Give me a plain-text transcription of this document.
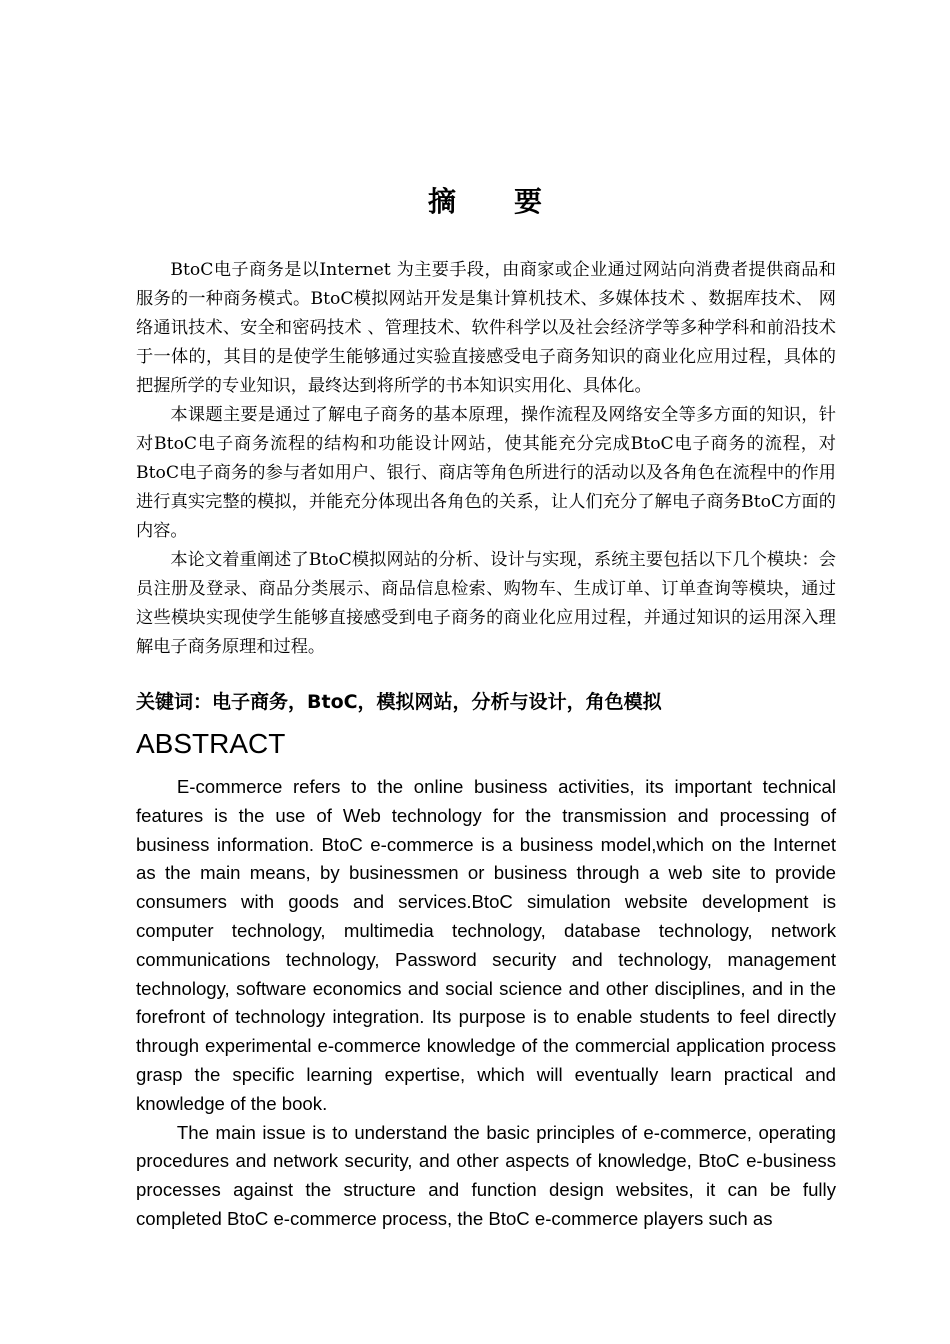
摘 要

BtoC电子商务是以Internet 为主要手段，由商家或企业通过网站向消费者提供商品和服务的一种商务模式。BtoC模拟网站开发是集计算机技术、多媒体技术 、数据库技术、 网络通讯技术、安全和密码技术 、管理技术、软件科学以及社会经济学等多种学科和前沿技术于一体的，其目的是使学生能够通过实验直接感受电子商务知识的商业化应用过程，具体的把握所学的专业知识，最终达到将所学的书本知识实用化、具体化。

本课题主要是通过了解电子商务的基本原理，操作流程及网络安全等多方面的知识，针对BtoC电子商务流程的结构和功能设计网站，使其能充分完成BtoC电子商务的流程，对BtoC电子商务的参与者如用户、银行、商店等角色所进行的活动以及各角色在流程中的作用进行真实完整的模拟，并能充分体现出各角色的关系，让人们充分了解电子商务BtoC方面的内容。

本论文着重阐述了BtoC模拟网站的分析、设计与实现，系统主要包括以下几个模块：会员注册及登录、商品分类展示、商品信息检索、购物车、生成订单、订单查询等模块，通过这些模块实现使学生能够直接感受到电子商务的商业化应用过程，并通过知识的运用深入理解电子商务原理和过程。

关键词：电子商务，BtoC，模拟网站，分析与设计，角色模拟
ABSTRACT

E-commerce refers to the online business activities, its important technical features is the use of Web technology for the transmission and processing of business information. BtoC e-commerce is a business model,which on the Internet as the main means, by businessmen or business through a web site to provide consumers with goods and services.BtoC simulation website development is computer technology, multimedia technology, database technology, network communications technology, Password security and technology, management technology, software economics and social science and other disciplines, and in the forefront of technology integration. Its purpose is to enable students to feel directly through experimental e-commerce knowledge of the commercial application process grasp the specific learning expertise, which will eventually learn practical and knowledge of the book.

The main issue is to understand the basic principles of e-commerce, operating procedures and network security, and other aspects of knowledge, BtoC e-business processes against the structure and function design websites, it can be fully completed BtoC e-commerce process, the BtoC e-commerce players such as
